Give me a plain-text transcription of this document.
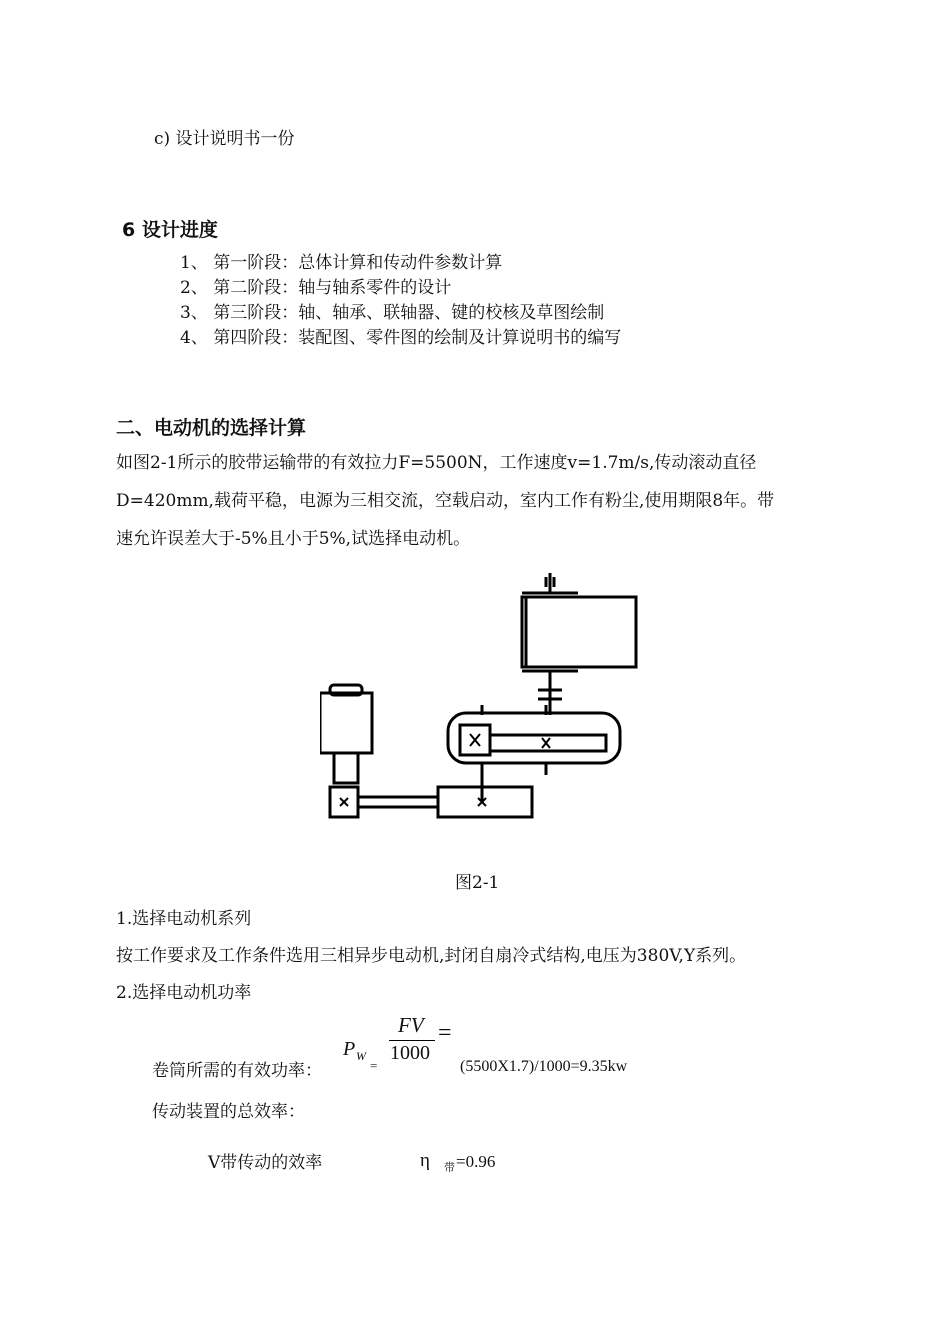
c) 设计说明书一份
6 设计进度
1、 第一阶段：总体计算和传动件参数计算
2、 第二阶段：轴与轴系零件的设计
3、 第三阶段：轴、轴承、联轴器、键的校核及草图绘制
4、 第四阶段：装配图、零件图的绘制及计算说明书的编写
二、电动机的选择计算
如图2-1所示的胶带运输带的有效拉力F=5500N，工作速度v=1.7m/s,传动滚动直径
D=420mm,载荷平稳，电源为三相交流，空载启动，室内工作有粉尘,使用期限8年。带
速允许误差大于-5%且小于5%,试选择电动机。
图2-1
1.选择电动机系列
按工作要求及工作条件选用三相异步电动机,封闭自扇冷式结构,电压为380V,Y系列。
2.选择电动机功率
卷筒所需的有效功率：
P W
=
FV
1000
=
(5500X1.7)/1000=9.35kw
传动装置的总效率：
V带传动的效率	η 带 =0.96
